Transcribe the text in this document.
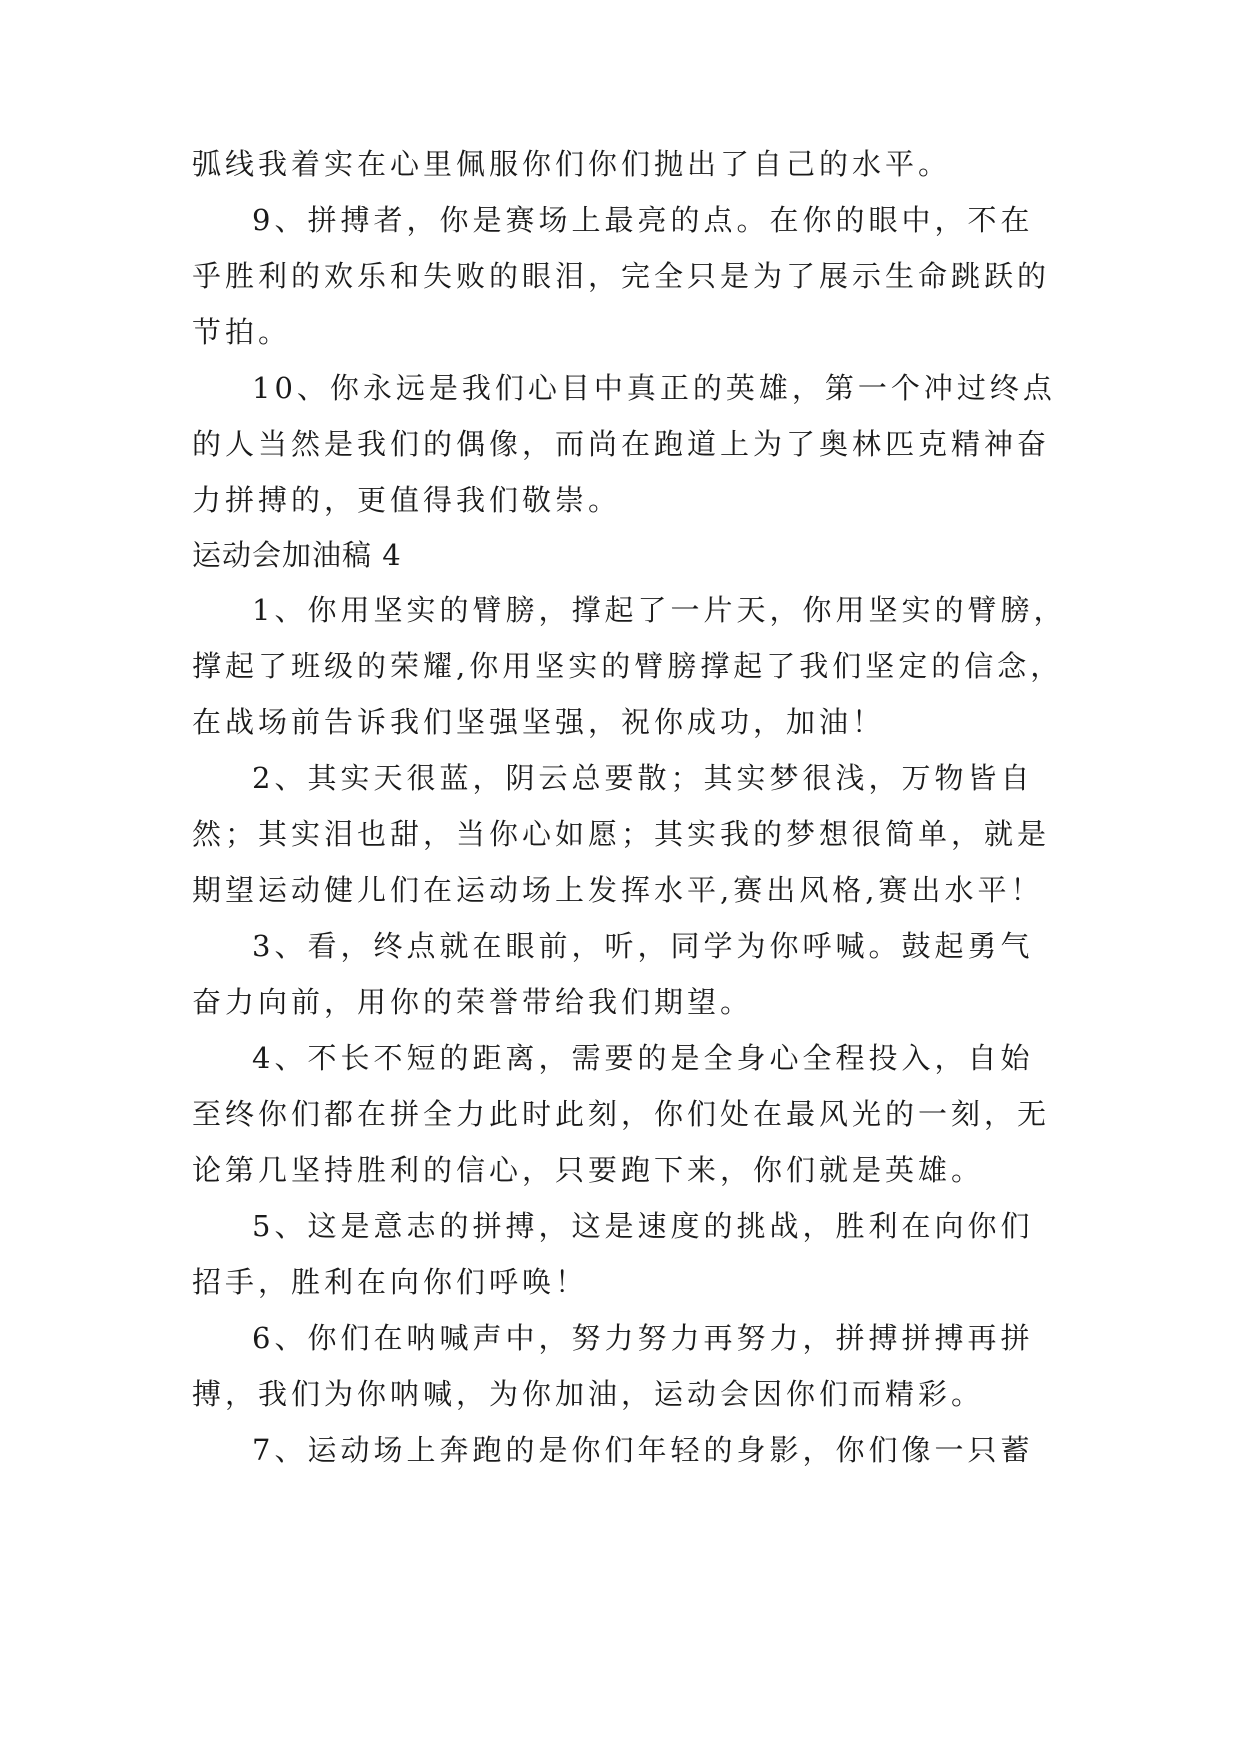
弧线我着实在心里佩服你们你们抛出了自己的水平。
9、拼搏者，你是赛场上最亮的点。在你的眼中，不在
乎胜利的欢乐和失败的眼泪，完全只是为了展示生命跳跃的
节拍。
10、你永远是我们心目中真正的英雄，第一个冲过终点
的人当然是我们的偶像，而尚在跑道上为了奥林匹克精神奋
力拼搏的，更值得我们敬崇。
运动会加油稿 4
1、你用坚实的臂膀，撑起了一片天，你用坚实的臂膀，
撑起了班级的荣耀,你用坚实的臂膀撑起了我们坚定的信念，
在战场前告诉我们坚强坚强，祝你成功，加油！
2、其实天很蓝，阴云总要散；其实梦很浅，万物皆自
然；其实泪也甜，当你心如愿；其实我的梦想很简单，就是
期望运动健儿们在运动场上发挥水平,赛出风格,赛出水平！
3、看，终点就在眼前，听，同学为你呼喊。鼓起勇气
奋力向前，用你的荣誉带给我们期望。
4、不长不短的距离，需要的是全身心全程投入，自始
至终你们都在拼全力此时此刻，你们处在最风光的一刻，无
论第几坚持胜利的信心，只要跑下来，你们就是英雄。
5、这是意志的拼搏，这是速度的挑战，胜利在向你们
招手，胜利在向你们呼唤！
6、你们在呐喊声中，努力努力再努力，拼搏拼搏再拼
搏，我们为你呐喊，为你加油，运动会因你们而精彩。
7、运动场上奔跑的是你们年轻的身影，你们像一只蓄
